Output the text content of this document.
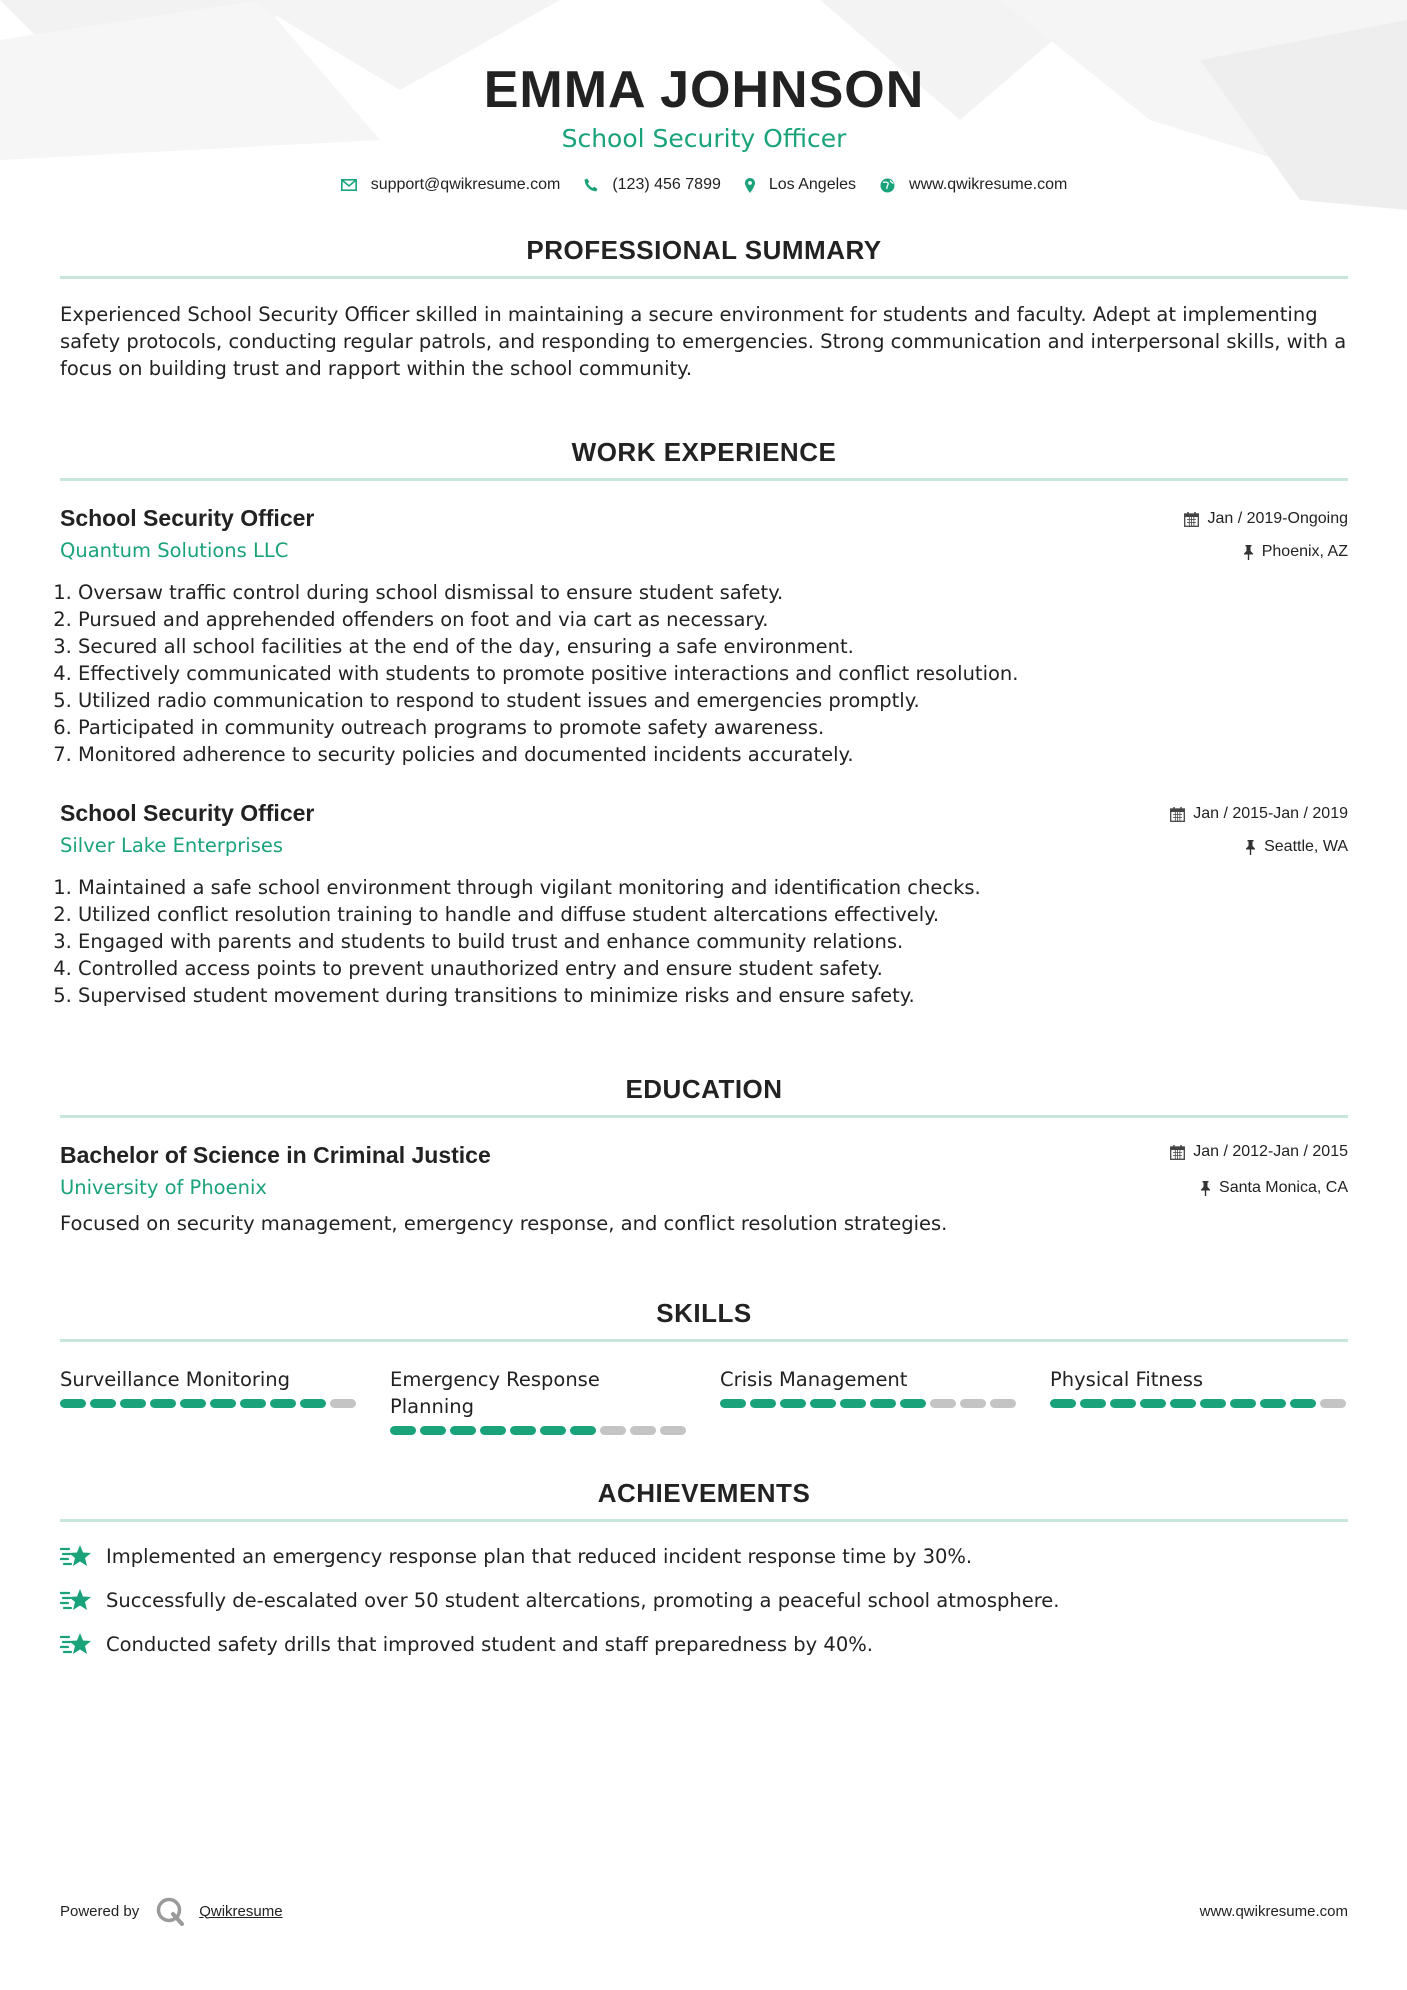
EMMA JOHNSON
School Security Officer
support@qwikresume.com	(123) 456 7899	Los Angeles	www.qwikresume.com
PROFESSIONAL SUMMARY
Experienced School Security Officer skilled in maintaining a secure environment for students and faculty. Adept at implementing safety protocols, conducting regular patrols, and responding to emergencies. Strong communication and interpersonal skills, with a focus on building trust and rapport within the school community.
WORK EXPERIENCE
School Security Officer
Quantum Solutions LLC
Jan / 2019-Ongoing
Phoenix, AZ
1. Oversaw traffic control during school dismissal to ensure student safety.
2. Pursued and apprehended offenders on foot and via cart as necessary.
3. Secured all school facilities at the end of the day, ensuring a safe environment.
4. Effectively communicated with students to promote positive interactions and conflict resolution.
5. Utilized radio communication to respond to student issues and emergencies promptly.
6. Participated in community outreach programs to promote safety awareness.
7. Monitored adherence to security policies and documented incidents accurately.
School Security Officer
Silver Lake Enterprises
Jan / 2015-Jan / 2019
Seattle, WA
1. Maintained a safe school environment through vigilant monitoring and identification checks.
2. Utilized conflict resolution training to handle and diffuse student altercations effectively.
3. Engaged with parents and students to build trust and enhance community relations.
4. Controlled access points to prevent unauthorized entry and ensure student safety.
5. Supervised student movement during transitions to minimize risks and ensure safety.
EDUCATION
Bachelor of Science in Criminal Justice
University of Phoenix
Jan / 2012-Jan / 2015
Santa Monica, CA
Focused on security management, emergency response, and conflict resolution strategies.
SKILLS
Surveillance Monitoring	Emergency Response Planning
Crisis Management	Physical Fitness
ACHIEVEMENTS
Implemented an emergency response plan that reduced incident response time by 30%.
Successfully de-escalated over 50 student altercations, promoting a peaceful school atmosphere.
Conducted safety drills that improved student and staff preparedness by 40%.
Powered by	Qwikresume	www.qwikresume.com
